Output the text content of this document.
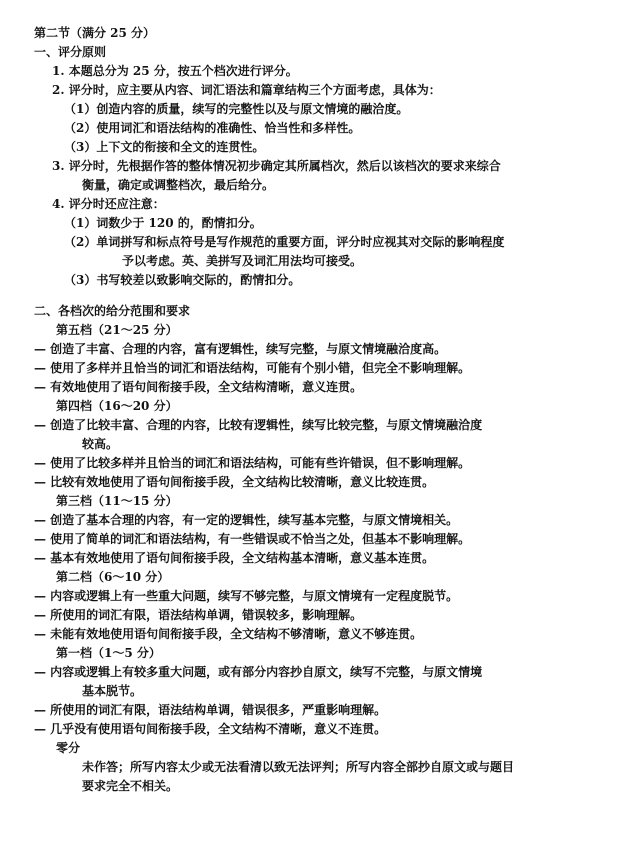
第二节（满分 25 分）
一、评分原则
1. 本题总分为 25 分，按五个档次进行评分。
2. 评分时，应主要从内容、词汇语法和篇章结构三个方面考虑，具体为：
（1）创造内容的质量，续写的完整性以及与原文情境的融洽度。
（2）使用词汇和语法结构的准确性、恰当性和多样性。
（3）上下文的衔接和全文的连贯性。
3. 评分时，先根据作答的整体情况初步确定其所属档次，然后以该档次的要求来综合
衡量，确定或调整档次，最后给分。
4. 评分时还应注意：
（1）词数少于 120 的，酌情扣分。
（2）单词拼写和标点符号是写作规范的重要方面，评分时应视其对交际的影响程度
予以考虑。英、美拼写及词汇用法均可接受。
（3）书写较差以致影响交际的，酌情扣分。
二、各档次的给分范围和要求
第五档（21～25 分）
— 创造了丰富、合理的内容，富有逻辑性，续写完整，与原文情境融洽度高。
— 使用了多样并且恰当的词汇和语法结构，可能有个别小错，但完全不影响理解。
— 有效地使用了语句间衔接手段，全文结构清晰，意义连贯。
第四档（16～20 分）
— 创造了比较丰富、合理的内容，比较有逻辑性，续写比较完整，与原文情境融洽度
较高。
— 使用了比较多样并且恰当的词汇和语法结构，可能有些许错误，但不影响理解。
— 比较有效地使用了语句间衔接手段，全文结构比较清晰，意义比较连贯。
第三档（11～15 分）
— 创造了基本合理的内容，有一定的逻辑性，续写基本完整，与原文情境相关。
— 使用了简单的词汇和语法结构，有一些错误或不恰当之处，但基本不影响理解。
— 基本有效地使用了语句间衔接手段，全文结构基本清晰，意义基本连贯。
第二档（6～10 分）
— 内容或逻辑上有一些重大问题，续写不够完整，与原文情境有一定程度脱节。
— 所使用的词汇有限，语法结构单调，错误较多，影响理解。
— 未能有效地使用语句间衔接手段，全文结构不够清晰，意义不够连贯。
第一档（1～5 分）
— 内容或逻辑上有较多重大问题，或有部分内容抄自原文，续写不完整，与原文情境
基本脱节。
— 所使用的词汇有限，语法结构单调，错误很多，严重影响理解。
— 几乎没有使用语句间衔接手段，全文结构不清晰，意义不连贯。
零分
未作答；所写内容太少或无法看清以致无法评判；所写内容全部抄自原文或与题目
要求完全不相关。
